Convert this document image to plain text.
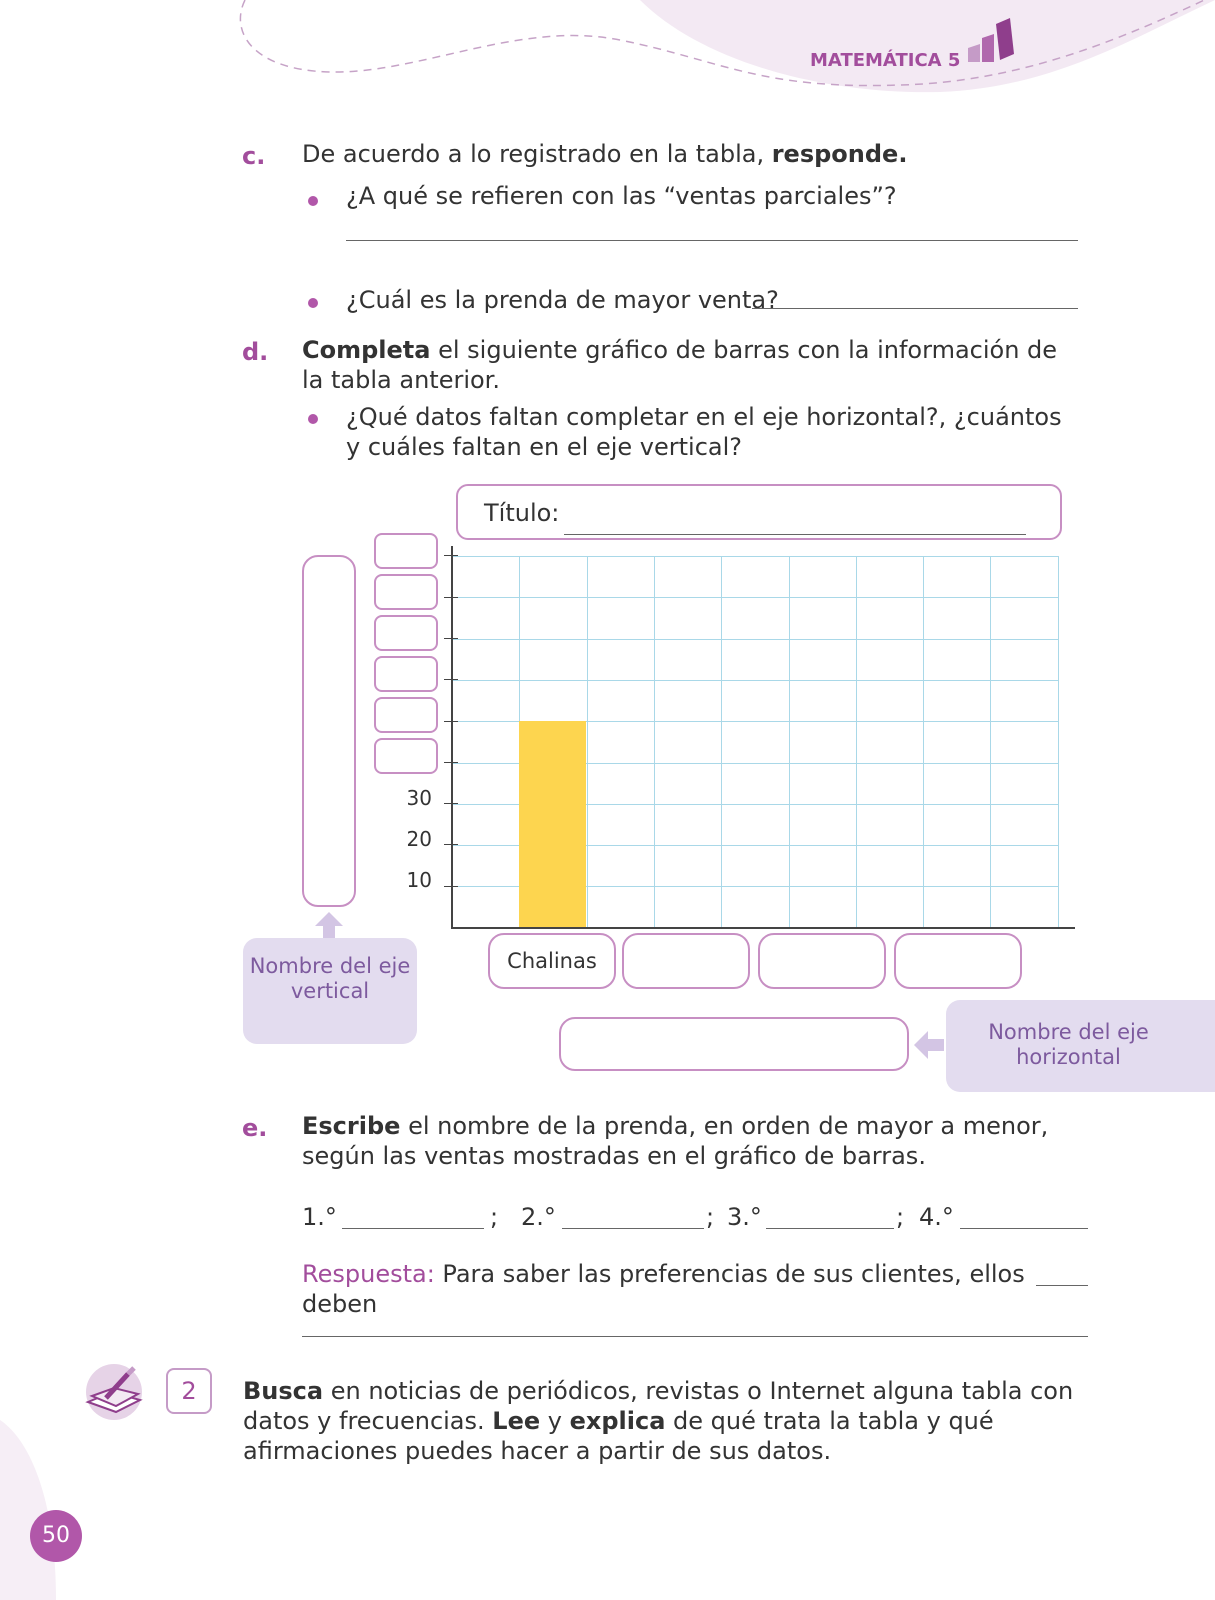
MATEMÁTICA 5
c. De acuerdo a lo registrado en la tabla, responde.
¿A qué se refieren con las “ventas parciales”?
¿Cuál es la prenda de mayor venta?
d. Completa el siguiente gráfico de barras con la información de la tabla anterior.
¿Qué datos faltan completar en el eje horizontal?, ¿cuántos y cuáles faltan en el eje vertical?
Título:
Nombre del eje vertical
30
20
10
Chalinas
Nombre del eje horizontal
e. Escribe el nombre de la prenda, en orden de mayor a menor, según las ventas mostradas en el gráfico de barras.
1.°	; 2.°	; 3.°	; 4.°
Respuesta: Para saber las preferencias de sus clientes, ellos deben
2	Busca en noticias de periódicos, revistas o Internet alguna tabla con datos y frecuencias. Lee y explica de qué trata la tabla y qué afirmaciones puedes hacer a partir de sus datos.
50
